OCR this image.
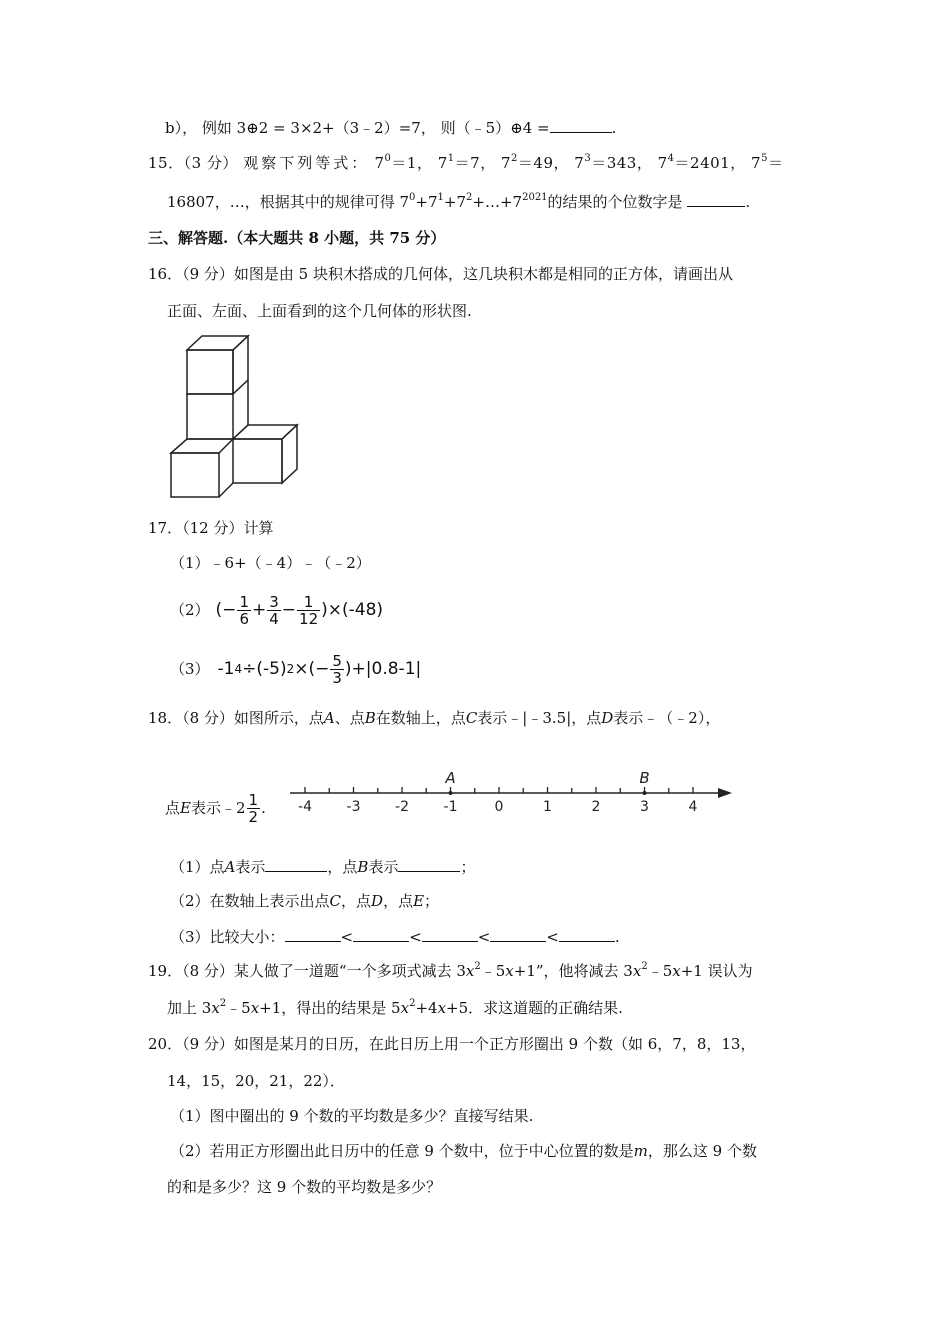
b）， 例如 3⊕2 = 3×2+（3﹣2）=7， 则（﹣5）⊕4 =	.
15．（3 分） 观察下列等式： $7^0=1$， $7^1=7$， $7^2=49$， $7^3=343$， $7^4=2401$， $7^5=$
16807，…，根据其中的规律可得 $7^0+7^1+7^2+\dots+7^{2021}$的结果的个位数字是	.
三、解答题.（本大题共 8 小题，共 75 分）
16．（9 分）如图是由 5 块积木搭成的几何体，这几块积木都是相同的正方体，请画出从
正面、左面、上面看到的这个几何体的形状图.
17．（12 分）计算
（1）﹣6+（﹣4）﹣（﹣2）
（2） (− $\frac{1}{6} + \frac{3}{4} - \frac{1}{12} )\times(-48)$
（3） -1 4 ÷(-5) 2 ×(− $\frac{5}{3} )+|0.8-1|$
18．（8 分）如图所示，点A、点B在数轴上，点C表示﹣|﹣3.5|，点D表示﹣（﹣2），
点 E 表示﹣2 $\frac{1}{2}$ . -4 -3 -2 -1	0	1	2	3	4
A	B
（1）点A表示	，点B表示	；
（2）在数轴上表示出点C，点D，点E；
（3）比较大小：	<	<	<	<	.
19．（8 分）某人做了一道题“一个多项式减去 $3x^2﹣5x+1$”，他将减去 $3x^2﹣5x+1$ 误认为
加上 $3x^2﹣5x+1$，得出的结果是 $5x^2+4x+5$．求这道题的正确结果.
20．（9 分）如图是某月的日历，在此日历上用一个正方形圈出 9 个数（如 6，7，8，13，
14，15，20，21，22）．
（1）图中圈出的 9 个数的平均数是多少？直接写结果.
（2）若用正方形圈出此日历中的任意 9 个数中，位于中心位置的数是m，那么这 9 个数
的和是多少？这 9 个数的平均数是多少？
